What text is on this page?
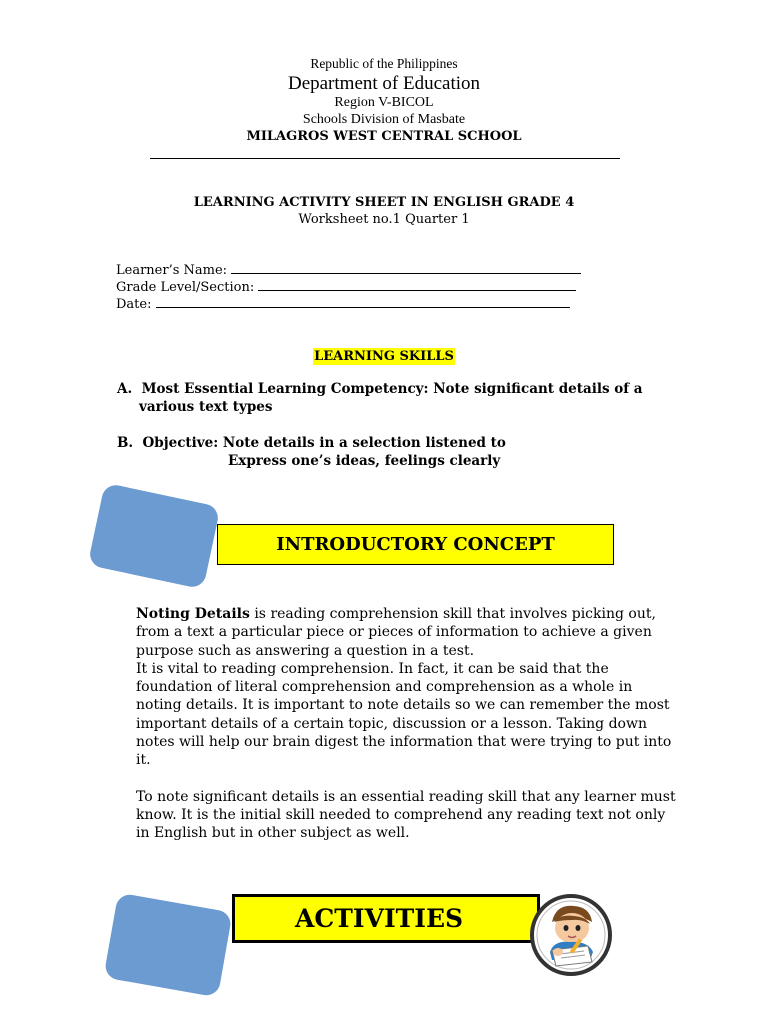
Republic of the Philippines
Department of Education
Region V-BICOL
Schools Division of Masbate
MILAGROS WEST CENTRAL SCHOOL
LEARNING ACTIVITY SHEET IN ENGLISH GRADE 4
Worksheet no.1 Quarter 1
Learner’s Name:
Grade Level/Section:
Date:
LEARNING SKILLS
A. Most Essential Learning Competency: Note significant details of a
various text types
B. Objective: Note details in a selection listened to
Express one’s ideas, feelings clearly
INTRODUCTORY CONCEPT

Noting Details is reading comprehension skill that involves picking out, from a text a particular piece or pieces of information to achieve a given purpose such as answering a question in a test.

It is vital to reading comprehension. In fact, it can be said that the foundation of literal comprehension and comprehension as a whole in noting details. It is important to note details so we can remember the most important details of a certain topic, discussion or a lesson. Taking down notes will help our brain digest the information that were trying to put into it.

To note significant details is an essential reading skill that any learner must know. It is the initial skill needed to comprehend any reading text not only in English but in other subject as well.

ACTIVITIES
